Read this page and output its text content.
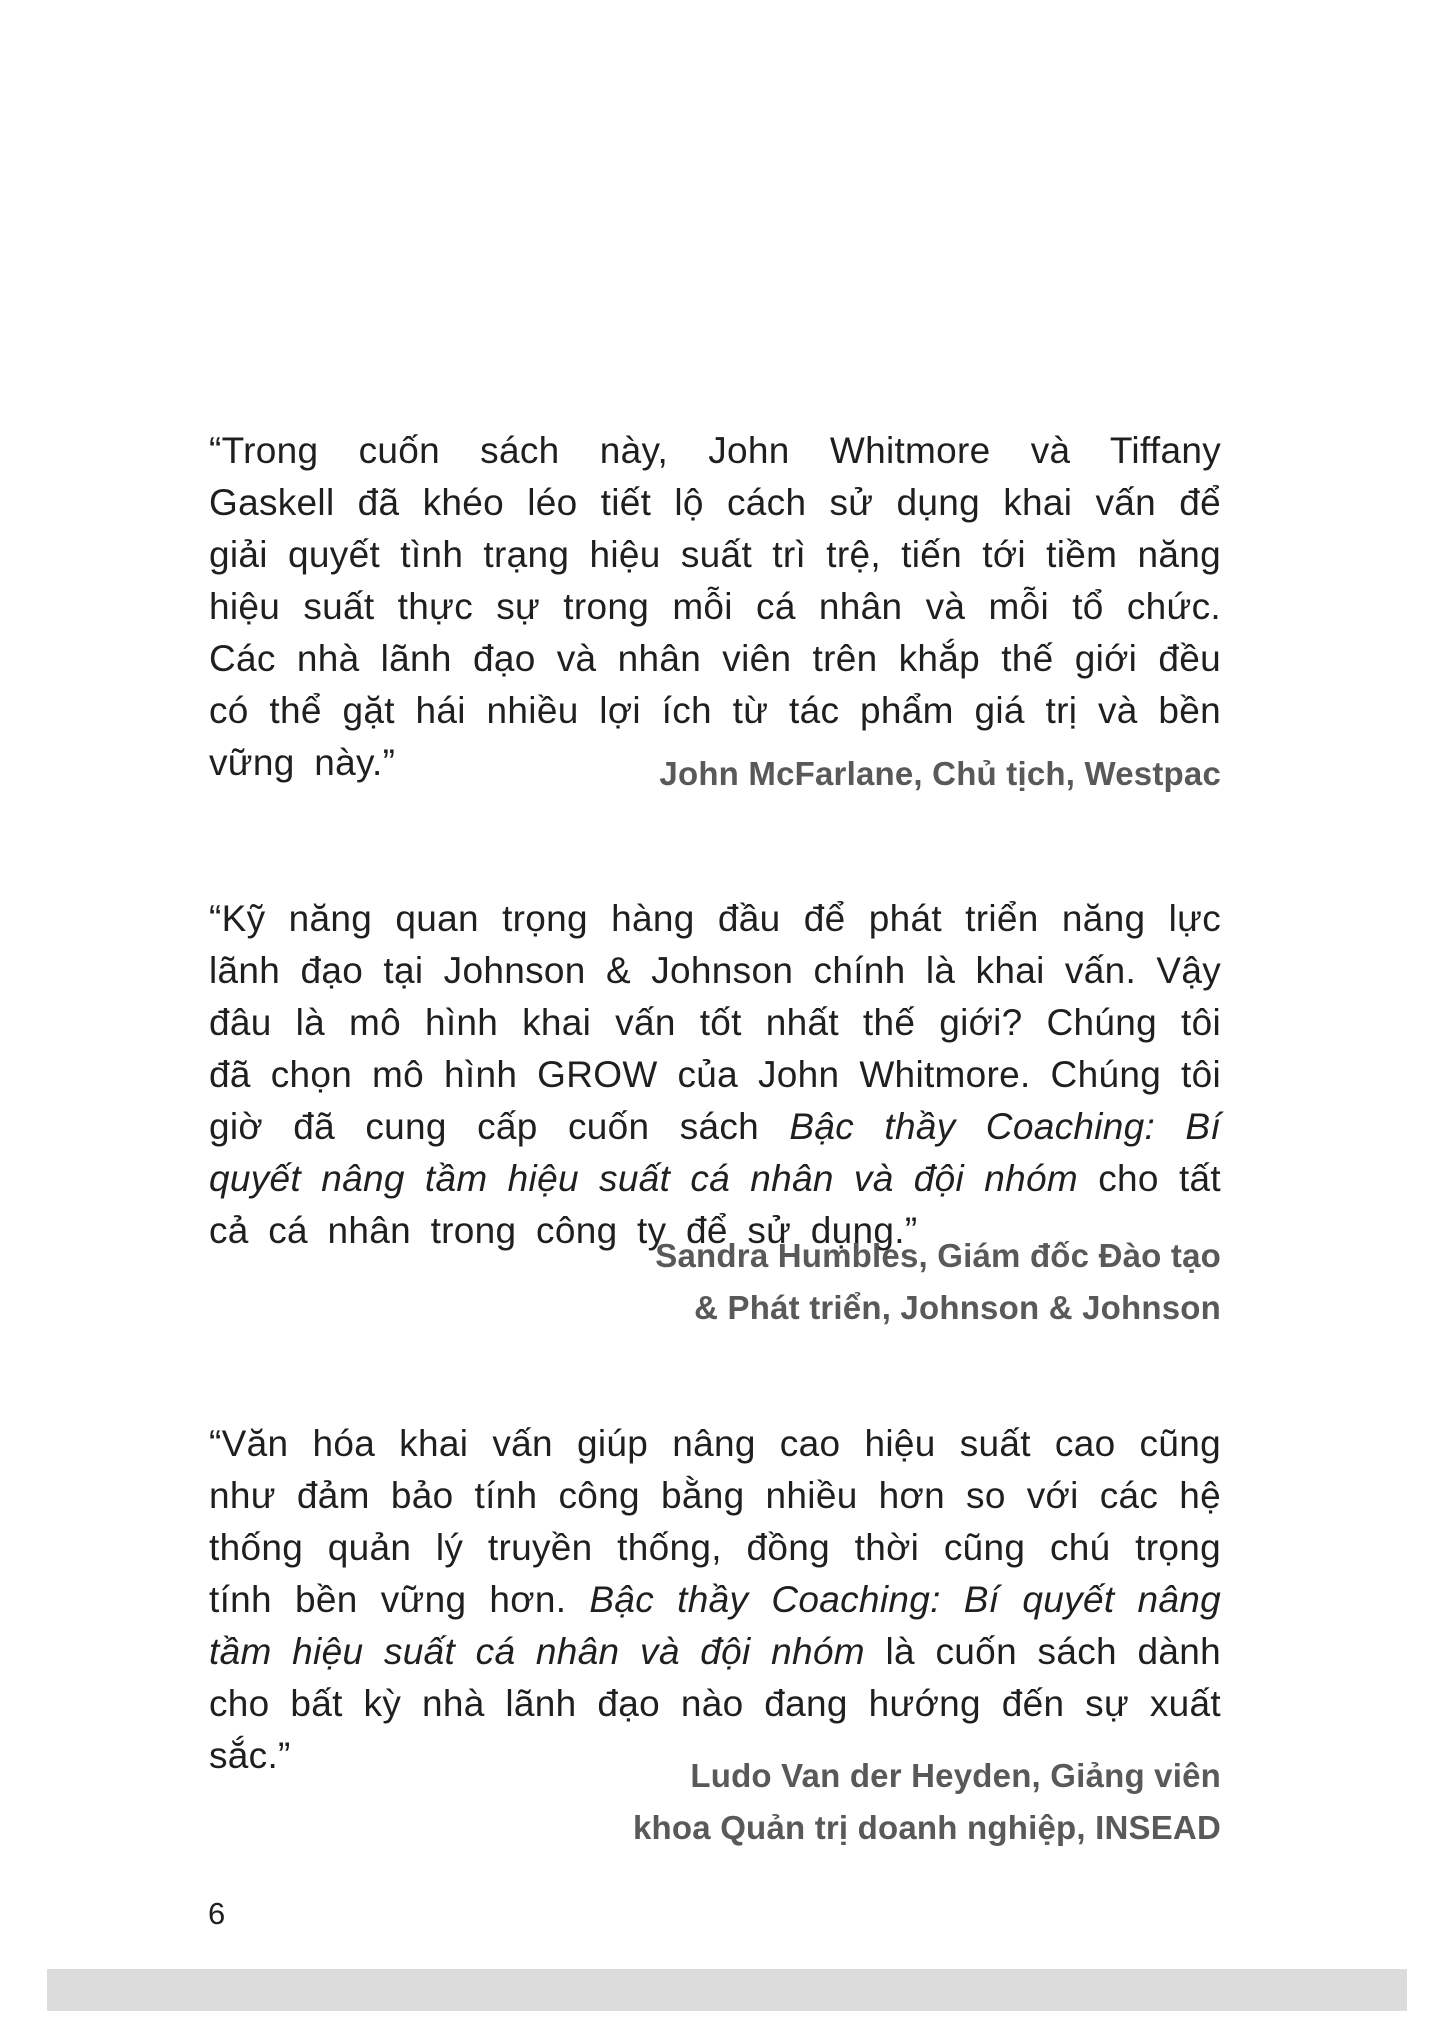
“Trong cuốn sách này, John Whitmore và Tiffany Gaskell đã khéo léo tiết lộ cách sử dụng khai vấn để giải quyết tình trạng hiệu suất trì trệ, tiến tới tiềm năng hiệu suất thực sự trong mỗi cá nhân và mỗi tổ chức. Các nhà lãnh đạo và nhân viên trên khắp thế giới đều có thể gặt hái nhiều lợi ích từ tác phẩm giá trị và bền vững này.”	John McFarlane, Chủ tịch, Westpac

“Kỹ năng quan trọng hàng đầu để phát triển năng lực lãnh đạo tại Johnson & Johnson chính là khai vấn. Vậy đâu là mô hình khai vấn tốt nhất thế giới? Chúng tôi đã chọn mô hình GROW của John Whitmore. Chúng tôi giờ đã cung cấp cuốn sách Bậc thầy Coaching: Bí quyết nâng tầm hiệu suất cá nhân và đội nhóm cho tất cả cá nhân trong công ty để sử dụng.”

Sandra Humbles, Giám đốc Đào tạo
& Phát triển, Johnson & Johnson

“Văn hóa khai vấn giúp nâng cao hiệu suất cao cũng như đảm bảo tính công bằng nhiều hơn so với các hệ thống quản lý truyền thống, đồng thời cũng chú trọng tính bền vững hơn. Bậc thầy Coaching: Bí quyết nâng tầm hiệu suất cá nhân và đội nhóm là cuốn sách dành cho bất kỳ nhà lãnh đạo nào đang hướng đến sự xuất sắc.”	Ludo Van der Heyden, Giảng viên
khoa Quản trị doanh nghiệp, INSEAD
6
